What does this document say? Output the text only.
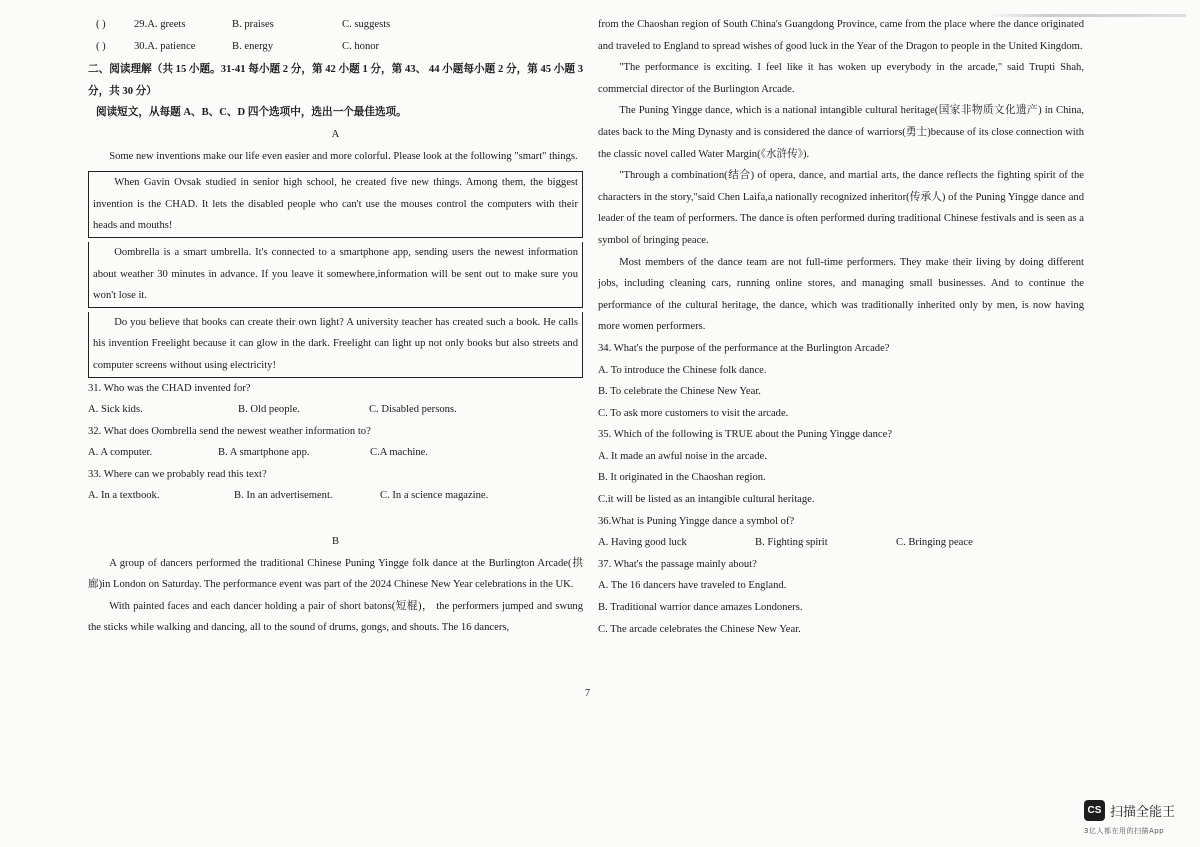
( )	29.A. greets	B. praises	C. suggests
( )	30.A. patience	B. energy	C. honor

二、阅读理解（共 15 小题。31-41 每小题 2 分，第 42 小题 1 分，第 43、 44 小题每小题 2 分，第 45 小题 3 分，共 30 分）

阅读短文，从每题 A、B、C、D 四个选项中，选出一个最佳选项。

A

Some new inventions make our life even easier and more colorful. Please look at the following "smart" things.

When Gavin Ovsak studied in senior high school, he created five new things. Among them, the biggest invention is the CHAD. It lets the disabled people who can't use the mouses control the computers with their heads and mouths!

Oombrella is a smart umbrella. It's connected to a smartphone app, sending users the newest information about weather 30 minutes in advance. If you leave it somewhere,information will be sent out to make sure you won't lose it.

Do you believe that books can create their own light? A university teacher has created such a book. He calls his invention Freelight because it can glow in the dark. Freelight can light up not only books but also streets and computer screens without using electricity!

31. Who was the CHAD invented for?

A. Sick kids.	B. Old people.	C. Disabled persons.

32. What does Oombrella send the newest weather information to?

A. A computer.	B. A smartphone app.	C.A machine.

33. Where can we probably read this text?

A. In a textbook.	B. In an advertisement.	C. In a science magazine.

B

A group of dancers performed the traditional Chinese Puning Yingge folk dance at the Burlington Arcade(拱廊)in London on Saturday. The performance event was part of the 2024 Chinese New Year celebrations in the UK.

With painted faces and each dancer holding a pair of short batons(短棍)， the performers jumped and swung the sticks while walking and dancing, all to the sound of drums, gongs, and shouts. The 16 dancers,

from the Chaoshan region of South China's Guangdong Province, came from the place where the dance originated and traveled to England to spread wishes of good luck in the Year of the Dragon to people in the United Kingdom.

"The performance is exciting. I feel like it has woken up everybody in the arcade," said Trupti Shah, commercial director of the Burlington Arcade.

The Puning Yingge dance, which is a national intangible cultural heritage(国家非物质文化遗产) in China, dates back to the Ming Dynasty and is considered the dance of warriors(勇士)because of its close connection with the classic novel called Water Margin(《水浒传》).

"Through a combination(结合) of opera, dance, and martial arts, the dance reflects the fighting spirit of the characters in the story,"said Chen Laifa,a nationally recognized inheritor(传承人) of the Puning Yingge dance and leader of the team of performers. The dance is often performed during traditional Chinese festivals and is seen as a symbol of bringing peace.

Most members of the dance team are not full-time performers. They make their living by doing different jobs, including cleaning cars, running online stores, and managing small businesses. And to continue the performance of the cultural heritage, the dance, which was traditionally inherited only by men, is now having more women performers.

34. What's the purpose of the performance at the Burlington Arcade?

A. To introduce the Chinese folk dance.

B. To celebrate the Chinese New Year.

C. To ask more customers to visit the arcade.

35. Which of the following is TRUE about the Puning Yingge dance?

A. It made an awful noise in the arcade.

B. It originated in the Chaoshan region.

C.it will be listed as an intangible cultural heritage.

36.What is Puning Yingge dance a symbol of?

A. Having good luck	B. Fighting spirit	C. Bringing peace

37. What's the passage mainly about?

A. The 16 dancers have traveled to England.

B. Traditional warrior dance amazes Londoners.

C. The arcade celebrates the Chinese New Year.

7
CS 扫描全能王
3亿人都在用的扫描App
